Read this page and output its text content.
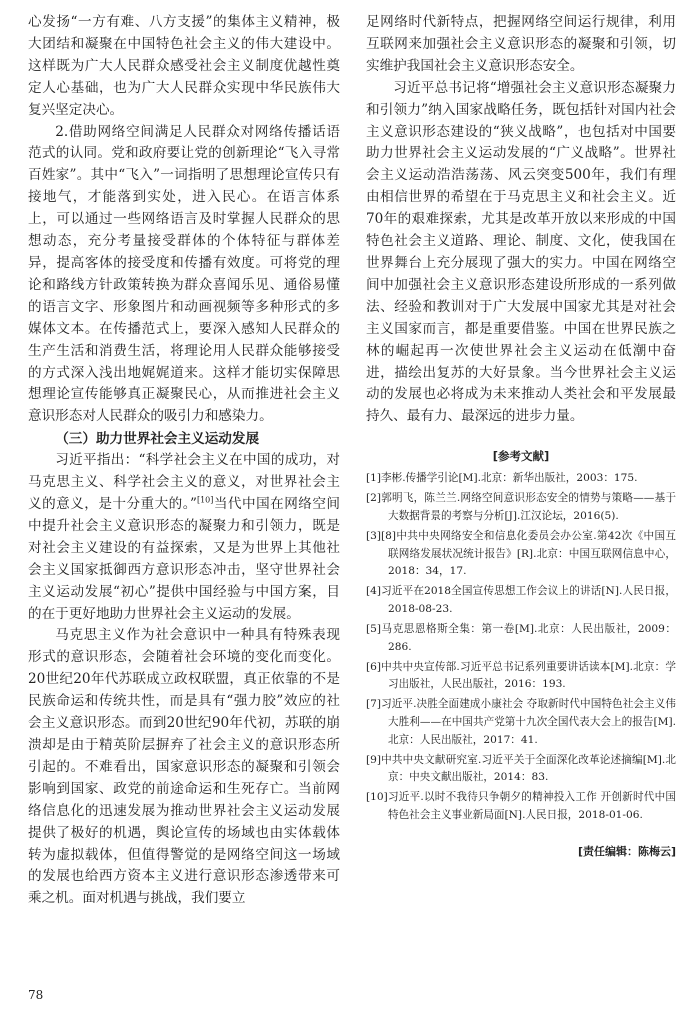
心发扬“一方有难、八方支援”的集体主义精神，极大团结和凝聚在中国特色社会主义的伟大建设中。这样既为广大人民群众感受社会主义制度优越性奠定人心基础，也为广大人民群众实现中华民族伟大复兴坚定决心。

2.借助网络空间满足人民群众对网络传播话语范式的认同。党和政府要让党的创新理论“飞入寻常百姓家”。其中“飞入”一词指明了思想理论宣传只有接地气，才能落到实处，进入民心。在语言体系上，可以通过一些网络语言及时掌握人民群众的思想动态，充分考量接受群体的个体特征与群体差异，提高客体的接受度和传播有效度。可将党的理论和路线方针政策转换为群众喜闻乐见、通俗易懂的语言文字、形象图片和动画视频等多种形式的多媒体文本。在传播范式上，要深入感知人民群众的生产生活和消费生活，将理论用人民群众能够接受的方式深入浅出地娓娓道来。这样才能切实保障思想理论宣传能够真正凝聚民心，从而推进社会主义意识形态对人民群众的吸引力和感染力。

（三）助力世界社会主义运动发展

习近平指出：“科学社会主义在中国的成功，对马克思主义、科学社会主义的意义，对世界社会主义的意义，是十分重大的。”[10]当代中国在网络空间中提升社会主义意识形态的凝聚力和引领力，既是对社会主义建设的有益探索，又是为世界上其他社会主义国家抵御西方意识形态冲击，坚守世界社会主义运动发展“初心”提供中国经验与中国方案，目的在于更好地助力世界社会主义运动的发展。

马克思主义作为社会意识中一种具有特殊表现形式的意识形态，会随着社会环境的变化而变化。20世纪20年代苏联成立政权联盟，真正依靠的不是民族命运和传统共性，而是具有“强力胶”效应的社会主义意识形态。而到20世纪90年代初，苏联的崩溃却是由于精英阶层摒弃了社会主义的意识形态所引起的。不难看出，国家意识形态的凝聚和引领会影响到国家、政党的前途命运和生死存亡。当前网络信息化的迅速发展为推动世界社会主义运动发展提供了极好的机遇，舆论宣传的场域也由实体载体转为虚拟载体，但值得警觉的是网络空间这一场域的发展也给西方资本主义进行意识形态渗透带来可乘之机。面对机遇与挑战，我们要立

足网络时代新特点，把握网络空间运行规律，利用互联网来加强社会主义意识形态的凝聚和引领，切实维护我国社会主义意识形态安全。

习近平总书记将“增强社会主义意识形态凝聚力和引领力”纳入国家战略任务，既包括针对国内社会主义意识形态建设的“狭义战略”，也包括对中国要助力世界社会主义运动发展的“广义战略”。世界社会主义运动浩浩荡荡、风云突变500年，我们有理由相信世界的希望在于马克思主义和社会主义。近70年的艰难探索，尤其是改革开放以来形成的中国特色社会主义道路、理论、制度、文化，使我国在世界舞台上充分展现了强大的实力。中国在网络空间中加强社会主义意识形态建设所形成的一系列做法、经验和教训对于广大发展中国家尤其是对社会主义国家而言，都是重要借鉴。中国在世界民族之林的崛起再一次使世界社会主义运动在低潮中奋进，描绘出复苏的大好景象。当今世界社会主义运动的发展也必将成为未来推动人类社会和平发展最持久、最有力、最深远的进步力量。

[参考文献]
[1]李彬.传播学引论[M].北京：新华出版社，2003：175.
[2]郭明飞，陈兰兰.网络空间意识形态安全的情势与策略——基于大数据背景的考察与分析[J].江汉论坛，2016(5).
[3][8]中共中央网络安全和信息化委员会办公室.第42次《中国互联网络发展状况统计报告》[R].北京：中国互联网信息中心，2018：34，17.
[4]习近平在2018全国宣传思想工作会议上的讲话[N].人民日报，2018-08-23.
[5]马克思恩格斯全集：第一卷[M].北京：人民出版社，2009：286.
[6]中共中央宣传部.习近平总书记系列重要讲话读本[M].北京：学习出版社，人民出版社，2016：193.
[7]习近平.决胜全面建成小康社会 夺取新时代中国特色社会主义伟大胜利——在中国共产党第十九次全国代表大会上的报告[M].北京：人民出版社，2017：41.
[9]中共中央文献研究室.习近平关于全面深化改革论述摘编[M].北京：中央文献出版社，2014：83.
[10]习近平.以时不我待只争朝夕的精神投入工作 开创新时代中国特色社会主义事业新局面[N].人民日报，2018-01-06.
[责任编辑：陈梅云]
78
